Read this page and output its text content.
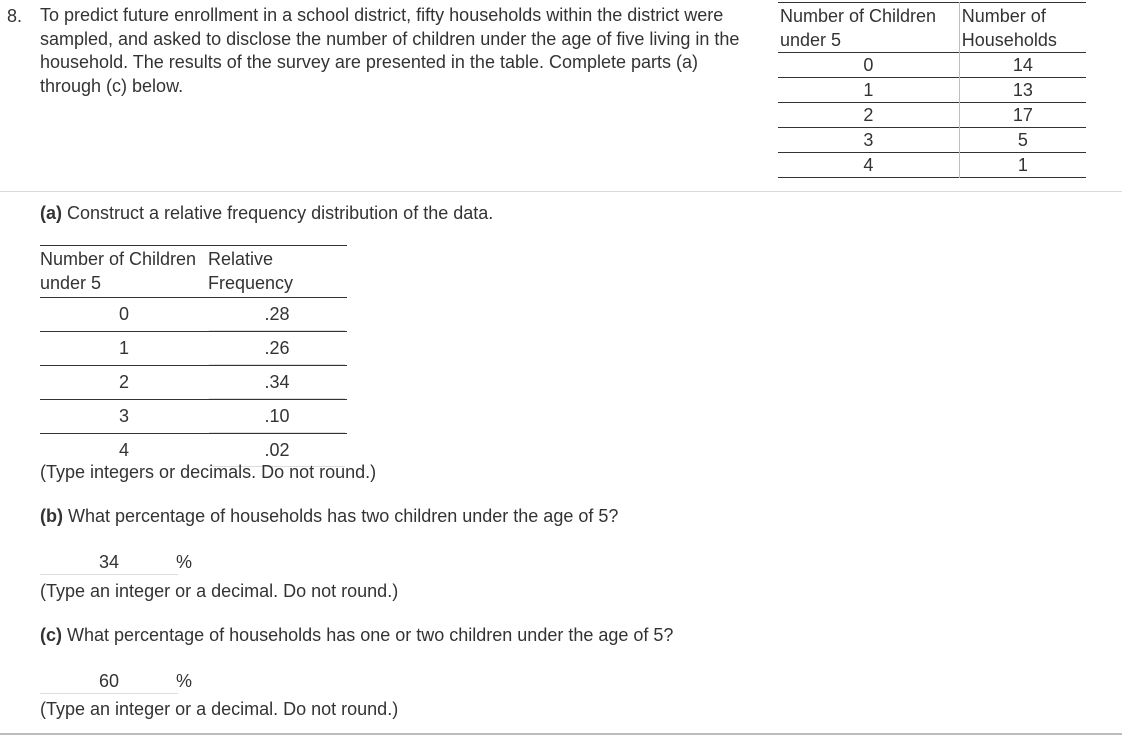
8. To predict future enrollment in a school district, fifty households within the district were sampled, and asked to disclose the number of children under the age of five living in the household. The results of the survey are presented in the table. Complete parts (a) through (c) below.
Number of Children under 5	Number of Households
0	14
1	13
2	17
3	5
4	1
(a) Construct a relative frequency distribution of the data.
Number of Children under 5	Relative Frequency
0	.28

1	.26

2	.34

3	.10

4	.02
(Type integers or decimals. Do not round.)
(b) What percentage of households has two children under the age of 5?
34	%
(Type an integer or a decimal. Do not round.)
(c) What percentage of households has one or two children under the age of 5?
60	%
(Type an integer or a decimal. Do not round.)
